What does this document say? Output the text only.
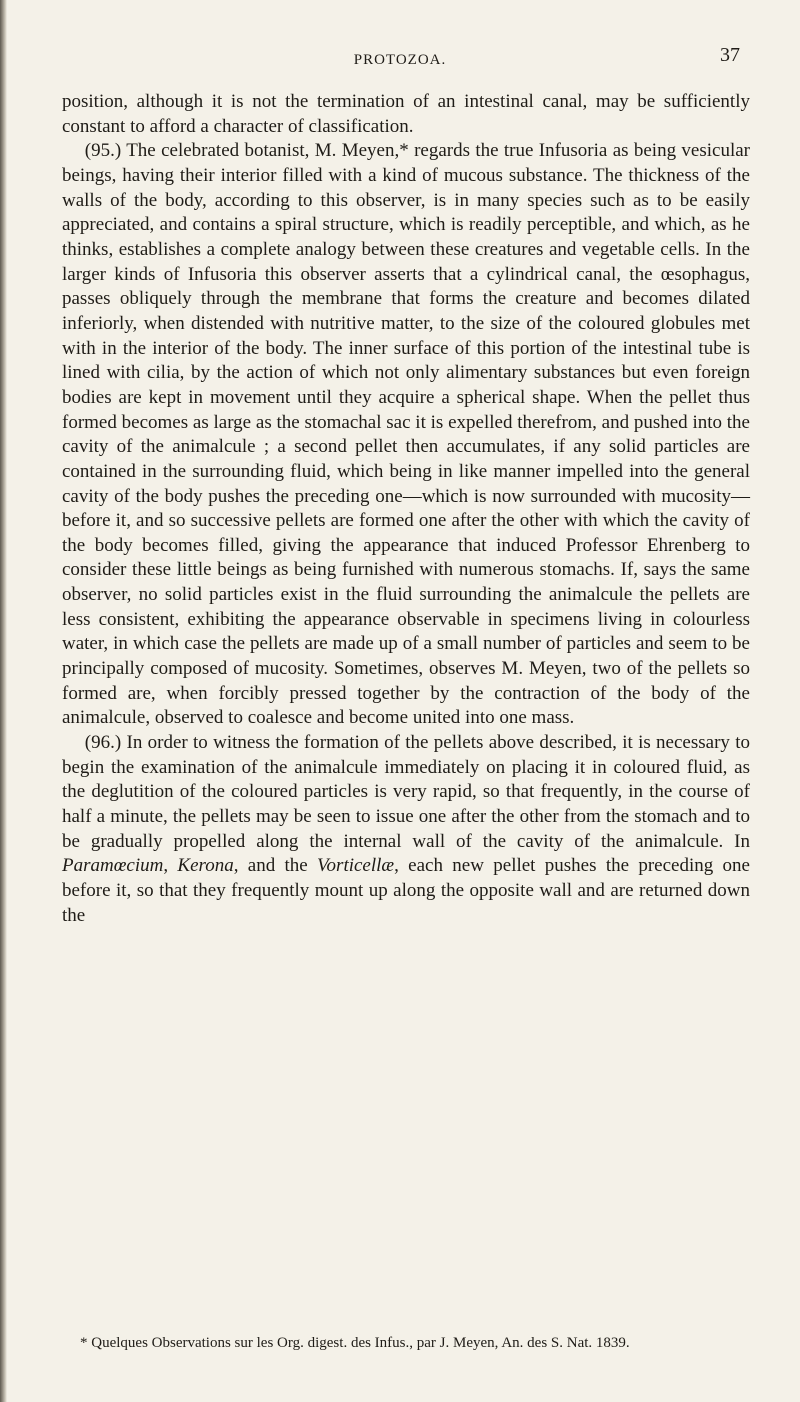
PROTOZOA.	37

position, although it is not the termination of an intestinal canal, may be sufficiently constant to afford a character of classification.

(95.) The celebrated botanist, M. Meyen,* regards the true Infusoria as being vesicular beings, having their interior filled with a kind of mucous substance. The thickness of the walls of the body, according to this observer, is in many species such as to be easily appreciated, and contains a spiral structure, which is readily perceptible, and which, as he thinks, establishes a complete analogy between these creatures and vegetable cells. In the larger kinds of Infusoria this observer asserts that a cylindrical canal, the œsophagus, passes obliquely through the membrane that forms the creature and becomes dilated inferiorly, when distended with nutritive matter, to the size of the coloured globules met with in the interior of the body. The inner surface of this portion of the intestinal tube is lined with cilia, by the action of which not only alimentary substances but even foreign bodies are kept in movement until they acquire a spherical shape. When the pellet thus formed becomes as large as the stomachal sac it is expelled therefrom, and pushed into the cavity of the animalcule ; a second pellet then accumulates, if any solid particles are contained in the surrounding fluid, which being in like manner impelled into the general cavity of the body pushes the preceding one—which is now surrounded with mucosity—before it, and so successive pellets are formed one after the other with which the cavity of the body becomes filled, giving the appearance that induced Professor Ehrenberg to consider these little beings as being furnished with numerous stomachs. If, says the same observer, no solid particles exist in the fluid surrounding the animalcule the pellets are less consistent, exhibiting the appearance observable in specimens living in colourless water, in which case the pellets are made up of a small number of particles and seem to be principally composed of mucosity. Sometimes, observes M. Meyen, two of the pellets so formed are, when forcibly pressed together by the contraction of the body of the animalcule, observed to coalesce and become united into one mass.

(96.) In order to witness the formation of the pellets above described, it is necessary to begin the examination of the animalcule immediately on placing it in coloured fluid, as the deglutition of the coloured particles is very rapid, so that frequently, in the course of half a minute, the pellets may be seen to issue one after the other from the stomach and to be gradually propelled along the internal wall of the cavity of the animalcule. In Paramœcium, Kerona, and the Vorticellæ, each new pellet pushes the preceding one before it, so that they frequently mount up along the opposite wall and are returned down the

* Quelques Observations sur les Org. digest. des Infus., par J. Meyen, An. des S. Nat. 1839.
